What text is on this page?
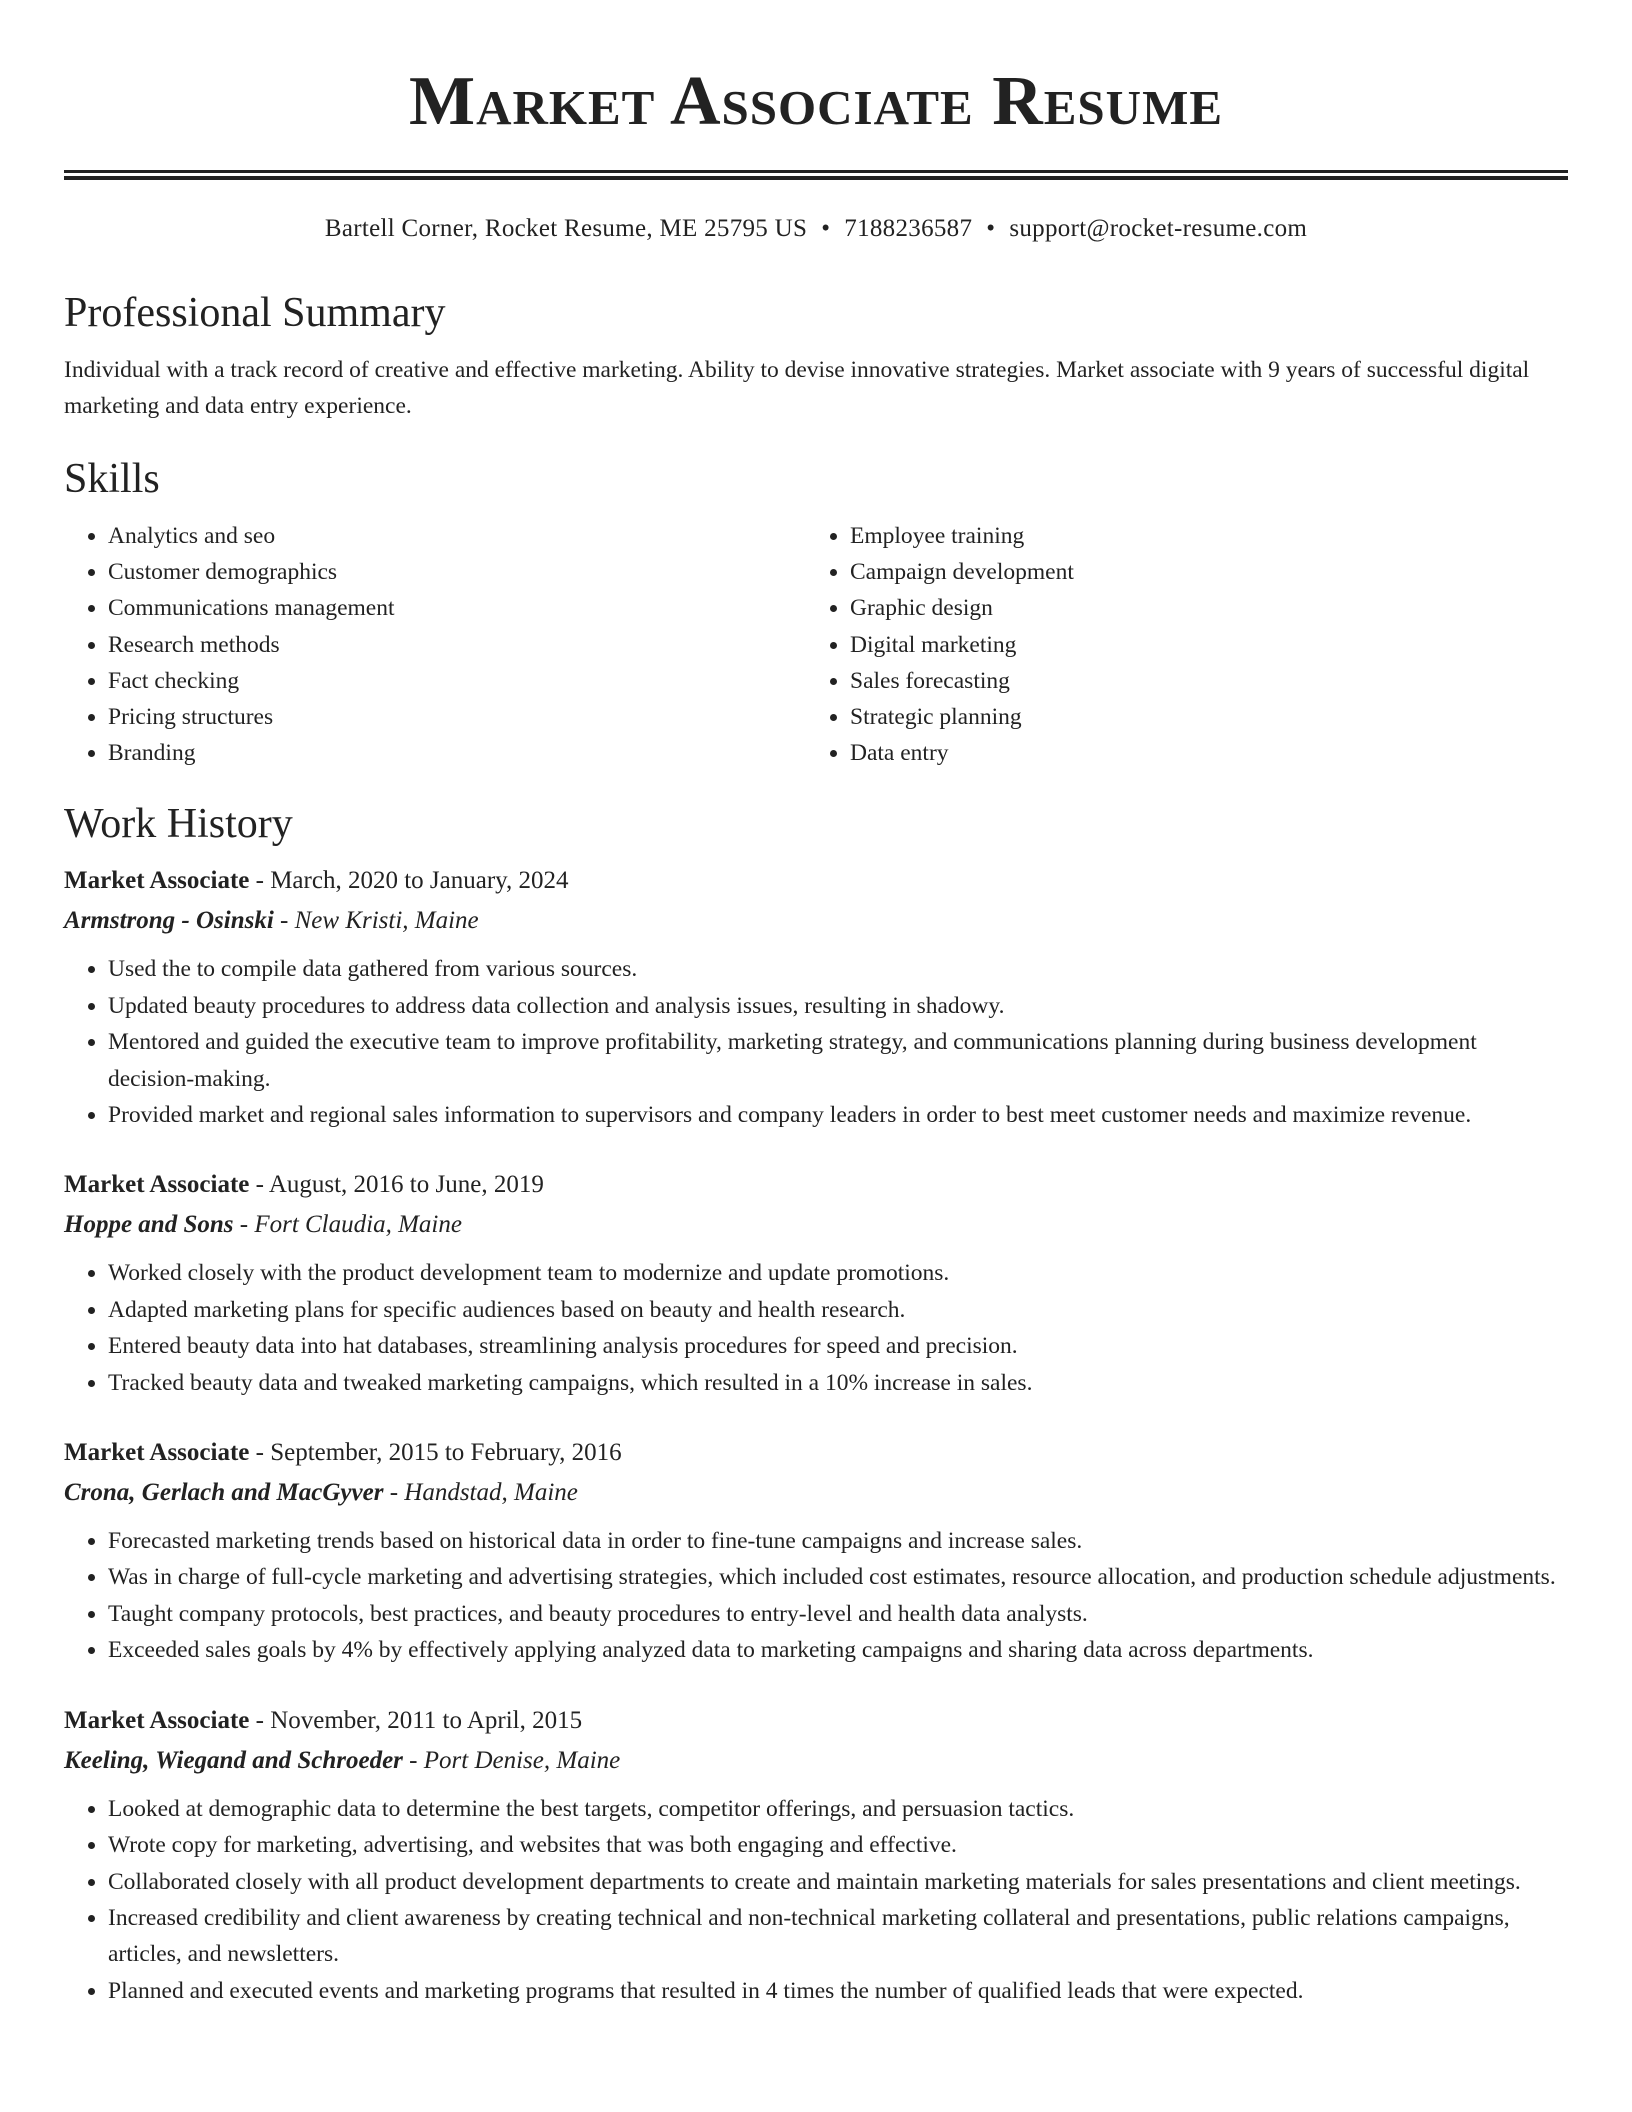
Market Associate Resume
Bartell Corner, Rocket Resume, ME 25795 US • 7188236587 • support@rocket-resume.com
Professional Summary
Individual with a track record of creative and effective marketing. Ability to devise innovative strategies. Market associate with 9 years of successful digital marketing and data entry experience.
Skills
• Analytics and seo
• Customer demographics
• Communications management
• Research methods
• Fact checking
• Pricing structures
• Branding
• Employee training
• Campaign development
• Graphic design
• Digital marketing
• Sales forecasting
• Strategic planning
• Data entry
Work History
Market Associate - March, 2020 to January, 2024
Armstrong - Osinski - New Kristi, Maine
• Used the to compile data gathered from various sources.
• Updated beauty procedures to address data collection and analysis issues, resulting in shadowy.
• Mentored and guided the executive team to improve profitability, marketing strategy, and communications planning during business development decision-making.
• Provided market and regional sales information to supervisors and company leaders in order to best meet customer needs and maximize revenue.
Market Associate - August, 2016 to June, 2019
Hoppe and Sons - Fort Claudia, Maine
• Worked closely with the product development team to modernize and update promotions.
• Adapted marketing plans for specific audiences based on beauty and health research.
• Entered beauty data into hat databases, streamlining analysis procedures for speed and precision.
• Tracked beauty data and tweaked marketing campaigns, which resulted in a 10% increase in sales.
Market Associate - September, 2015 to February, 2016
Crona, Gerlach and MacGyver - Handstad, Maine
• Forecasted marketing trends based on historical data in order to fine-tune campaigns and increase sales.
• Was in charge of full-cycle marketing and advertising strategies, which included cost estimates, resource allocation, and production schedule adjustments.
• Taught company protocols, best practices, and beauty procedures to entry-level and health data analysts.
• Exceeded sales goals by 4% by effectively applying analyzed data to marketing campaigns and sharing data across departments.
Market Associate - November, 2011 to April, 2015
Keeling, Wiegand and Schroeder - Port Denise, Maine
• Looked at demographic data to determine the best targets, competitor offerings, and persuasion tactics.
• Wrote copy for marketing, advertising, and websites that was both engaging and effective.
• Collaborated closely with all product development departments to create and maintain marketing materials for sales presentations and client meetings.
• Increased credibility and client awareness by creating technical and non-technical marketing collateral and presentations, public relations campaigns, articles, and newsletters.
• Planned and executed events and marketing programs that resulted in 4 times the number of qualified leads that were expected.
